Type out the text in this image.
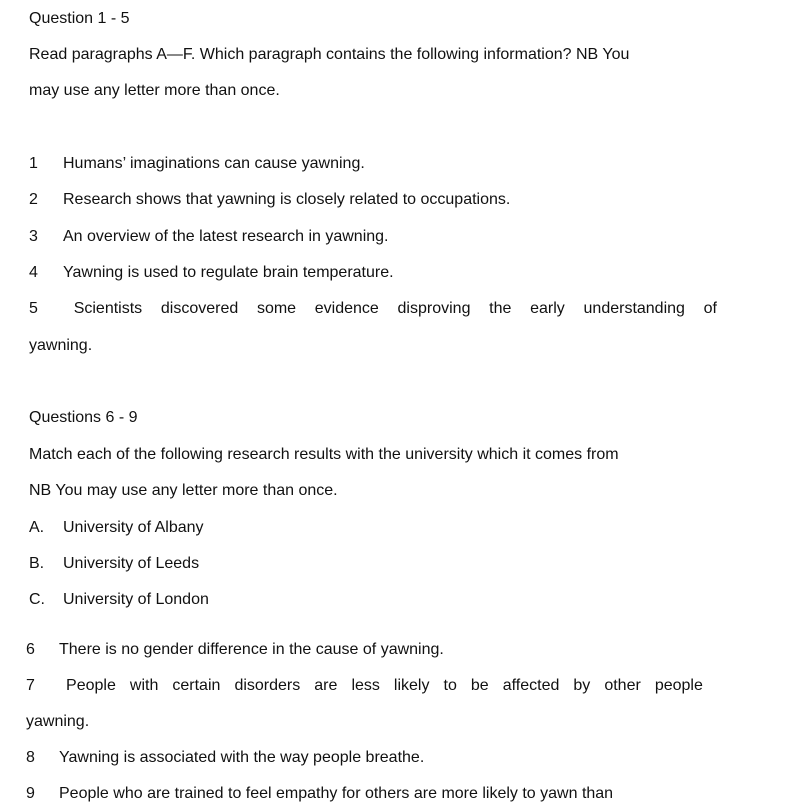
Question 1 - 5
Read paragraphs A—F. Which paragraph contains the following information? NB You
may use any letter more than once.
1 Humans’ imaginations can cause yawning.
2 Research shows that yawning is closely related to occupations.
3 An overview of the latest research in yawning.
4 Yawning is used to regulate brain temperature.
5	Scientists discovered some evidence disproving the early understanding of
yawning.
Questions 6 - 9
Match each of the following research results with the university which it comes from
NB You may use any letter more than once.
A. University of Albany
B. University of Leeds
C. University of London
6 There is no gender difference in the cause of yawning.
7	People with certain disorders are less likely to be affected by other people
yawning.
8 Yawning is associated with the way people breathe.
9 People who are trained to feel empathy for others are more likely to yawn than
